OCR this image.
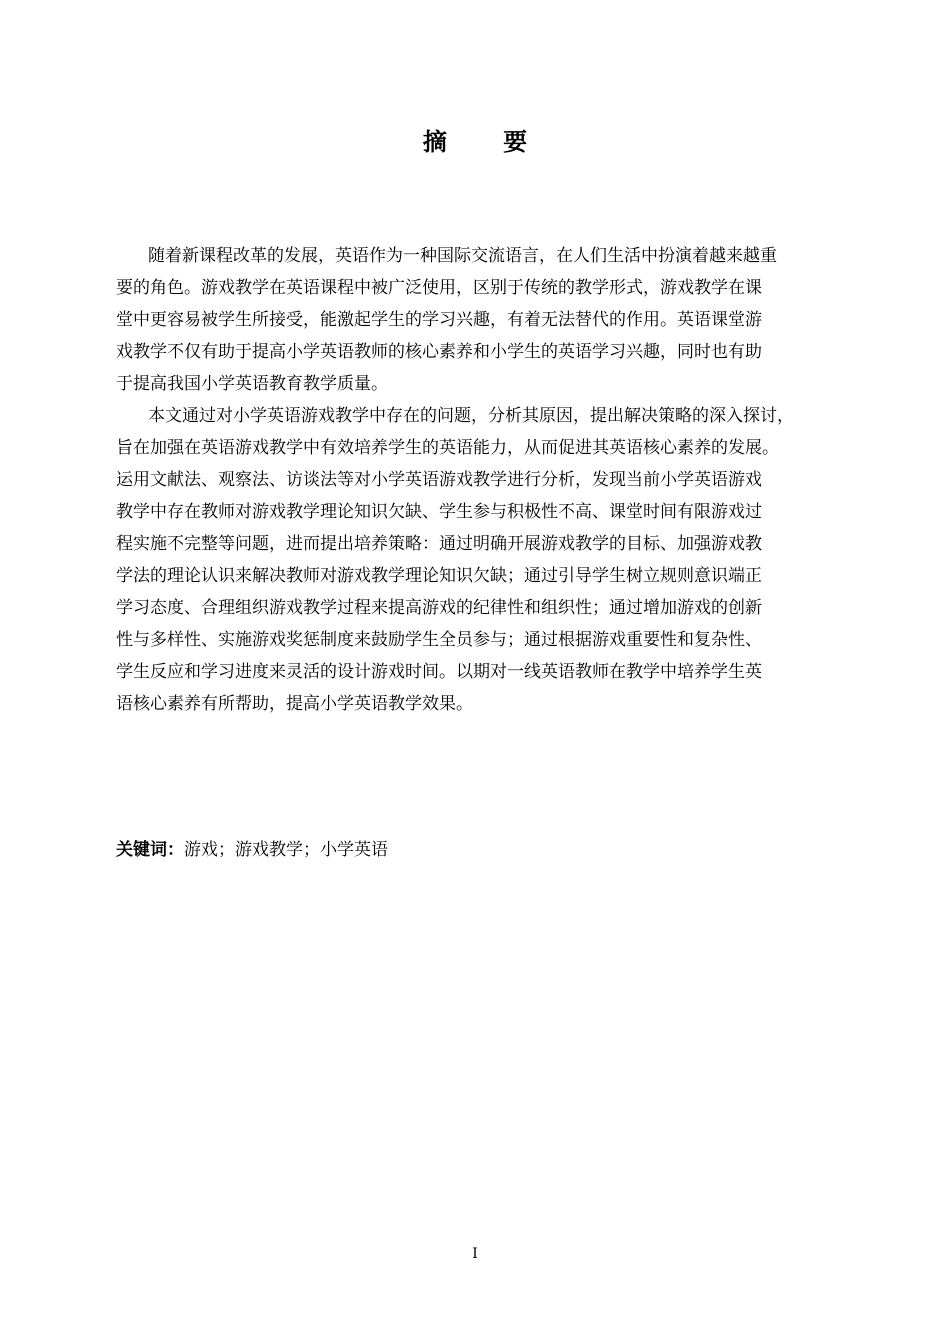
摘 要
随着新课程改革的发展，英语作为一种国际交流语言，在人们生活中扮演着越来越重
要的角色。游戏教学在英语课程中被广泛使用，区别于传统的教学形式，游戏教学在课
堂中更容易被学生所接受，能激起学生的学习兴趣，有着无法替代的作用。英语课堂游
戏教学不仅有助于提高小学英语教师的核心素养和小学生的英语学习兴趣，同时也有助
于提高我国小学英语教育教学质量。
本文通过对小学英语游戏教学中存在的问题，分析其原因，提出解决策略的深入探讨，
旨在加强在英语游戏教学中有效培养学生的英语能力，从而促进其英语核心素养的发展。
运用文献法、观察法、访谈法等对小学英语游戏教学进行分析，发现当前小学英语游戏
教学中存在教师对游戏教学理论知识欠缺、学生参与积极性不高、课堂时间有限游戏过
程实施不完整等问题，进而提出培养策略：通过明确开展游戏教学的目标、加强游戏教
学法的理论认识来解决教师对游戏教学理论知识欠缺；通过引导学生树立规则意识端正
学习态度、合理组织游戏教学过程来提高游戏的纪律性和组织性；通过增加游戏的创新
性与多样性、实施游戏奖惩制度来鼓励学生全员参与；通过根据游戏重要性和复杂性、
学生反应和学习进度来灵活的设计游戏时间。以期对一线英语教师在教学中培养学生英
语核心素养有所帮助，提高小学英语教学效果。
关键词：游戏；游戏教学；小学英语
I
